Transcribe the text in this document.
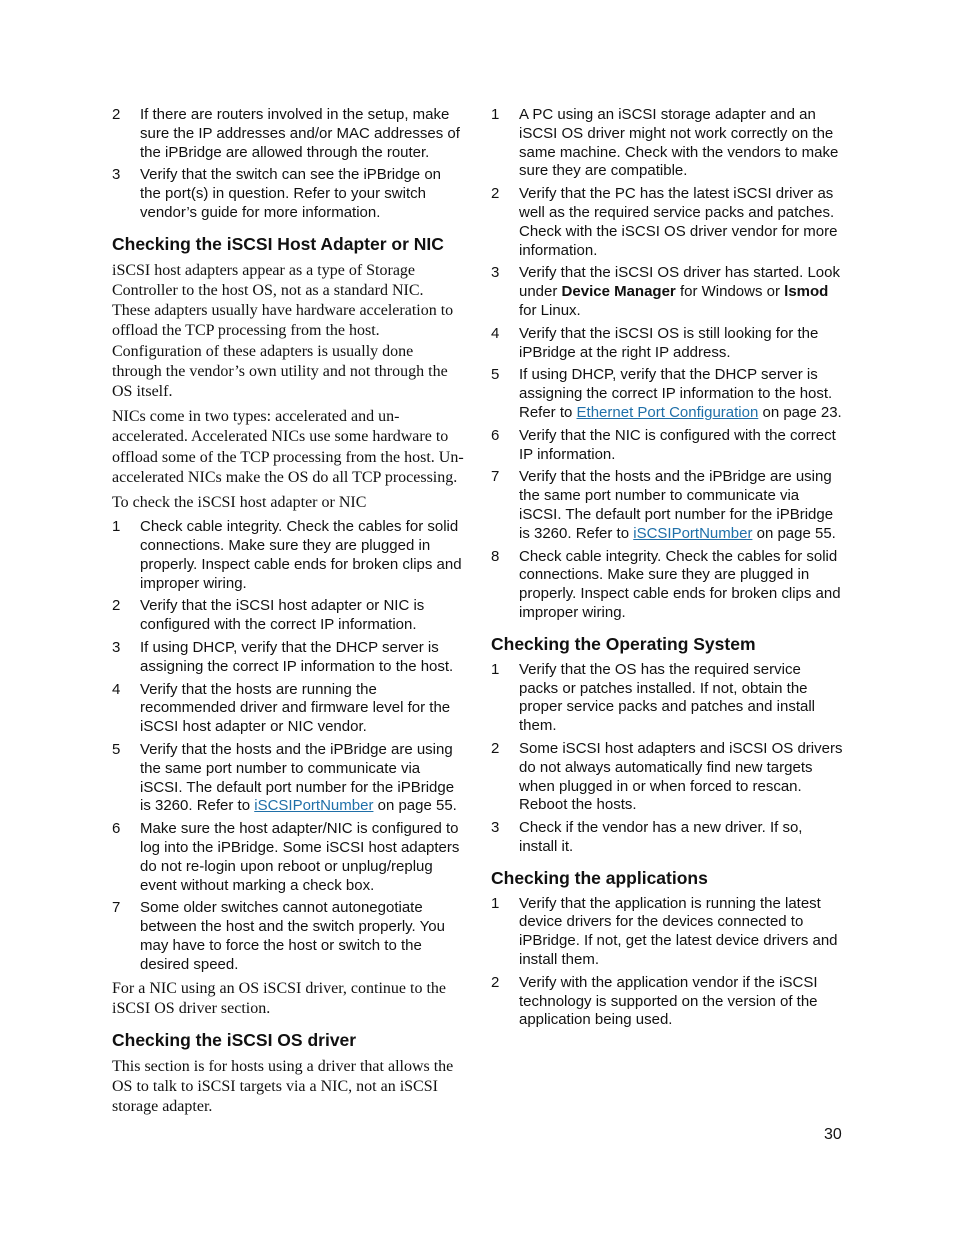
2	If there are routers involved in the setup, make sure the IP addresses and/or MAC addresses of the iPBridge are allowed through the router.
3	Verify that the switch can see the iPBridge on the port(s) in question. Refer to your switch vendor’s guide for more information.
Checking the iSCSI Host Adapter or NIC

iSCSI host adapters appear as a type of Storage Controller to the host OS, not as a standard NIC. These adapters usually have hardware acceleration to offload the TCP processing from the host. Configuration of these adapters is usually done through the vendor’s own utility and not through the OS itself.

NICs come in two types: accelerated and un-accelerated. Accelerated NICs use some hardware to offload some of the TCP processing from the host. Un-accelerated NICs make the OS do all TCP processing.

To check the iSCSI host adapter or NIC

1	Check cable integrity. Check the cables for solid connections. Make sure they are plugged in properly. Inspect cable ends for broken clips and improper wiring.
2	Verify that the iSCSI host adapter or NIC is configured with the correct IP information.
3	If using DHCP, verify that the DHCP server is assigning the correct IP information to the host.
4	Verify that the hosts are running the recommended driver and firmware level for the iSCSI host adapter or NIC vendor.
5	Verify that the hosts and the iPBridge are using the same port number to communicate via iSCSI. The default port number for the iPBridge is 3260. Refer to iSCSIPortNumber on page 55.
6	Make sure the host adapter/NIC is configured to log into the iPBridge. Some iSCSI host adapters do not re-login upon reboot or unplug/replug event without marking a check box.
7	Some older switches cannot autonegotiate between the host and the switch properly. You may have to force the host or switch to the desired speed.

For a NIC using an OS iSCSI driver, continue to the iSCSI OS driver section.

Checking the iSCSI OS driver

This section is for hosts using a driver that allows the OS to talk to iSCSI targets via a NIC, not an iSCSI storage adapter.

1	A PC using an iSCSI storage adapter and an iSCSI OS driver might not work correctly on the same machine. Check with the vendors to make sure they are compatible.
2	Verify that the PC has the latest iSCSI driver as well as the required service packs and patches. Check with the iSCSI OS driver vendor for more information.
3	Verify that the iSCSI OS driver has started. Look under Device Manager for Windows or lsmod for Linux.
4	Verify that the iSCSI OS is still looking for the iPBridge at the right IP address.
5	If using DHCP, verify that the DHCP server is assigning the correct IP information to the host. Refer to Ethernet Port Configuration on page 23.
6	Verify that the NIC is configured with the correct IP information.
7	Verify that the hosts and the iPBridge are using the same port number to communicate via iSCSI. The default port number for the iPBridge is 3260. Refer to iSCSIPortNumber on page 55.
8	Check cable integrity. Check the cables for solid connections. Make sure they are plugged in properly. Inspect cable ends for broken clips and improper wiring.
Checking the Operating System
1	Verify that the OS has the required service packs or patches installed. If not, obtain the proper service packs and patches and install them.
2	Some iSCSI host adapters and iSCSI OS drivers do not always automatically find new targets when plugged in or when forced to rescan. Reboot the hosts.
3	Check if the vendor has a new driver. If so, install it.
Checking the applications
1	Verify that the application is running the latest device drivers for the devices connected to iPBridge. If not, get the latest device drivers and install them.
2	Verify with the application vendor if the iSCSI technology is supported on the version of the application being used.
30
